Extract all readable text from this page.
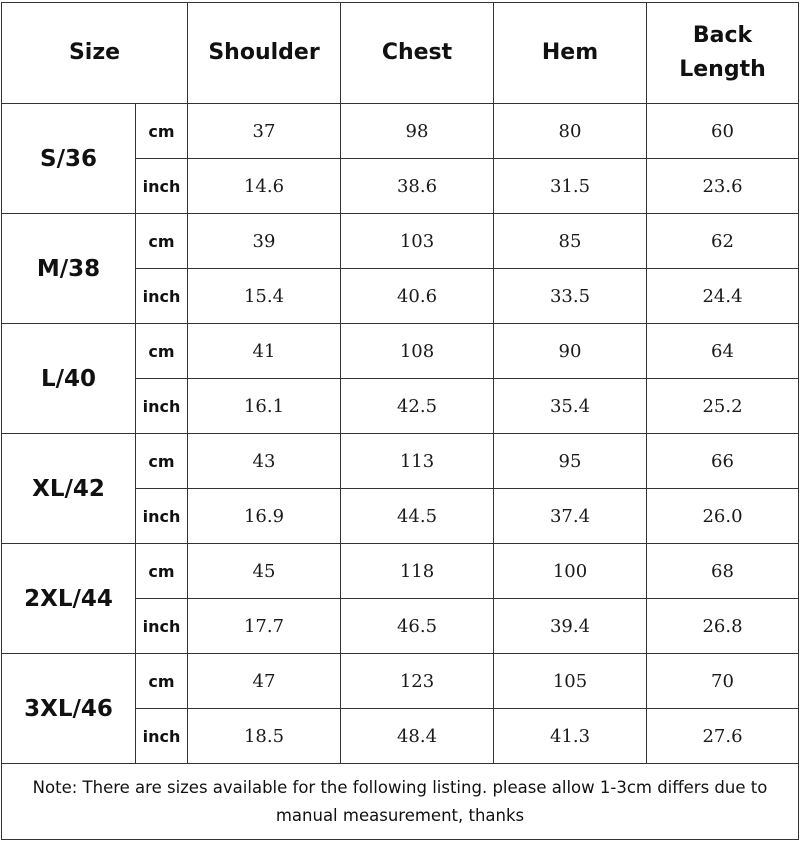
Size		Shoulder	Chest	Hem	Back Length
S/36	cm	37	98	80	60
	inch	14.6	38.6	31.5	23.6
M/38	cm	39	103	85	62
	inch	15.4	40.6	33.5	24.4
L/40	cm	41	108	90	64
	inch	16.1	42.5	35.4	25.2
XL/42	cm	43	113	95	66
	inch	16.9	44.5	37.4	26.0
2XL/44	cm	45	118	100	68
	inch	17.7	46.5	39.4	26.8
3XL/46	cm	47	123	105	70
	inch	18.5	48.4	41.3	27.6
Note: There are sizes available for the following listing. please allow 1-3cm differs due to manual measurement, thanks					
